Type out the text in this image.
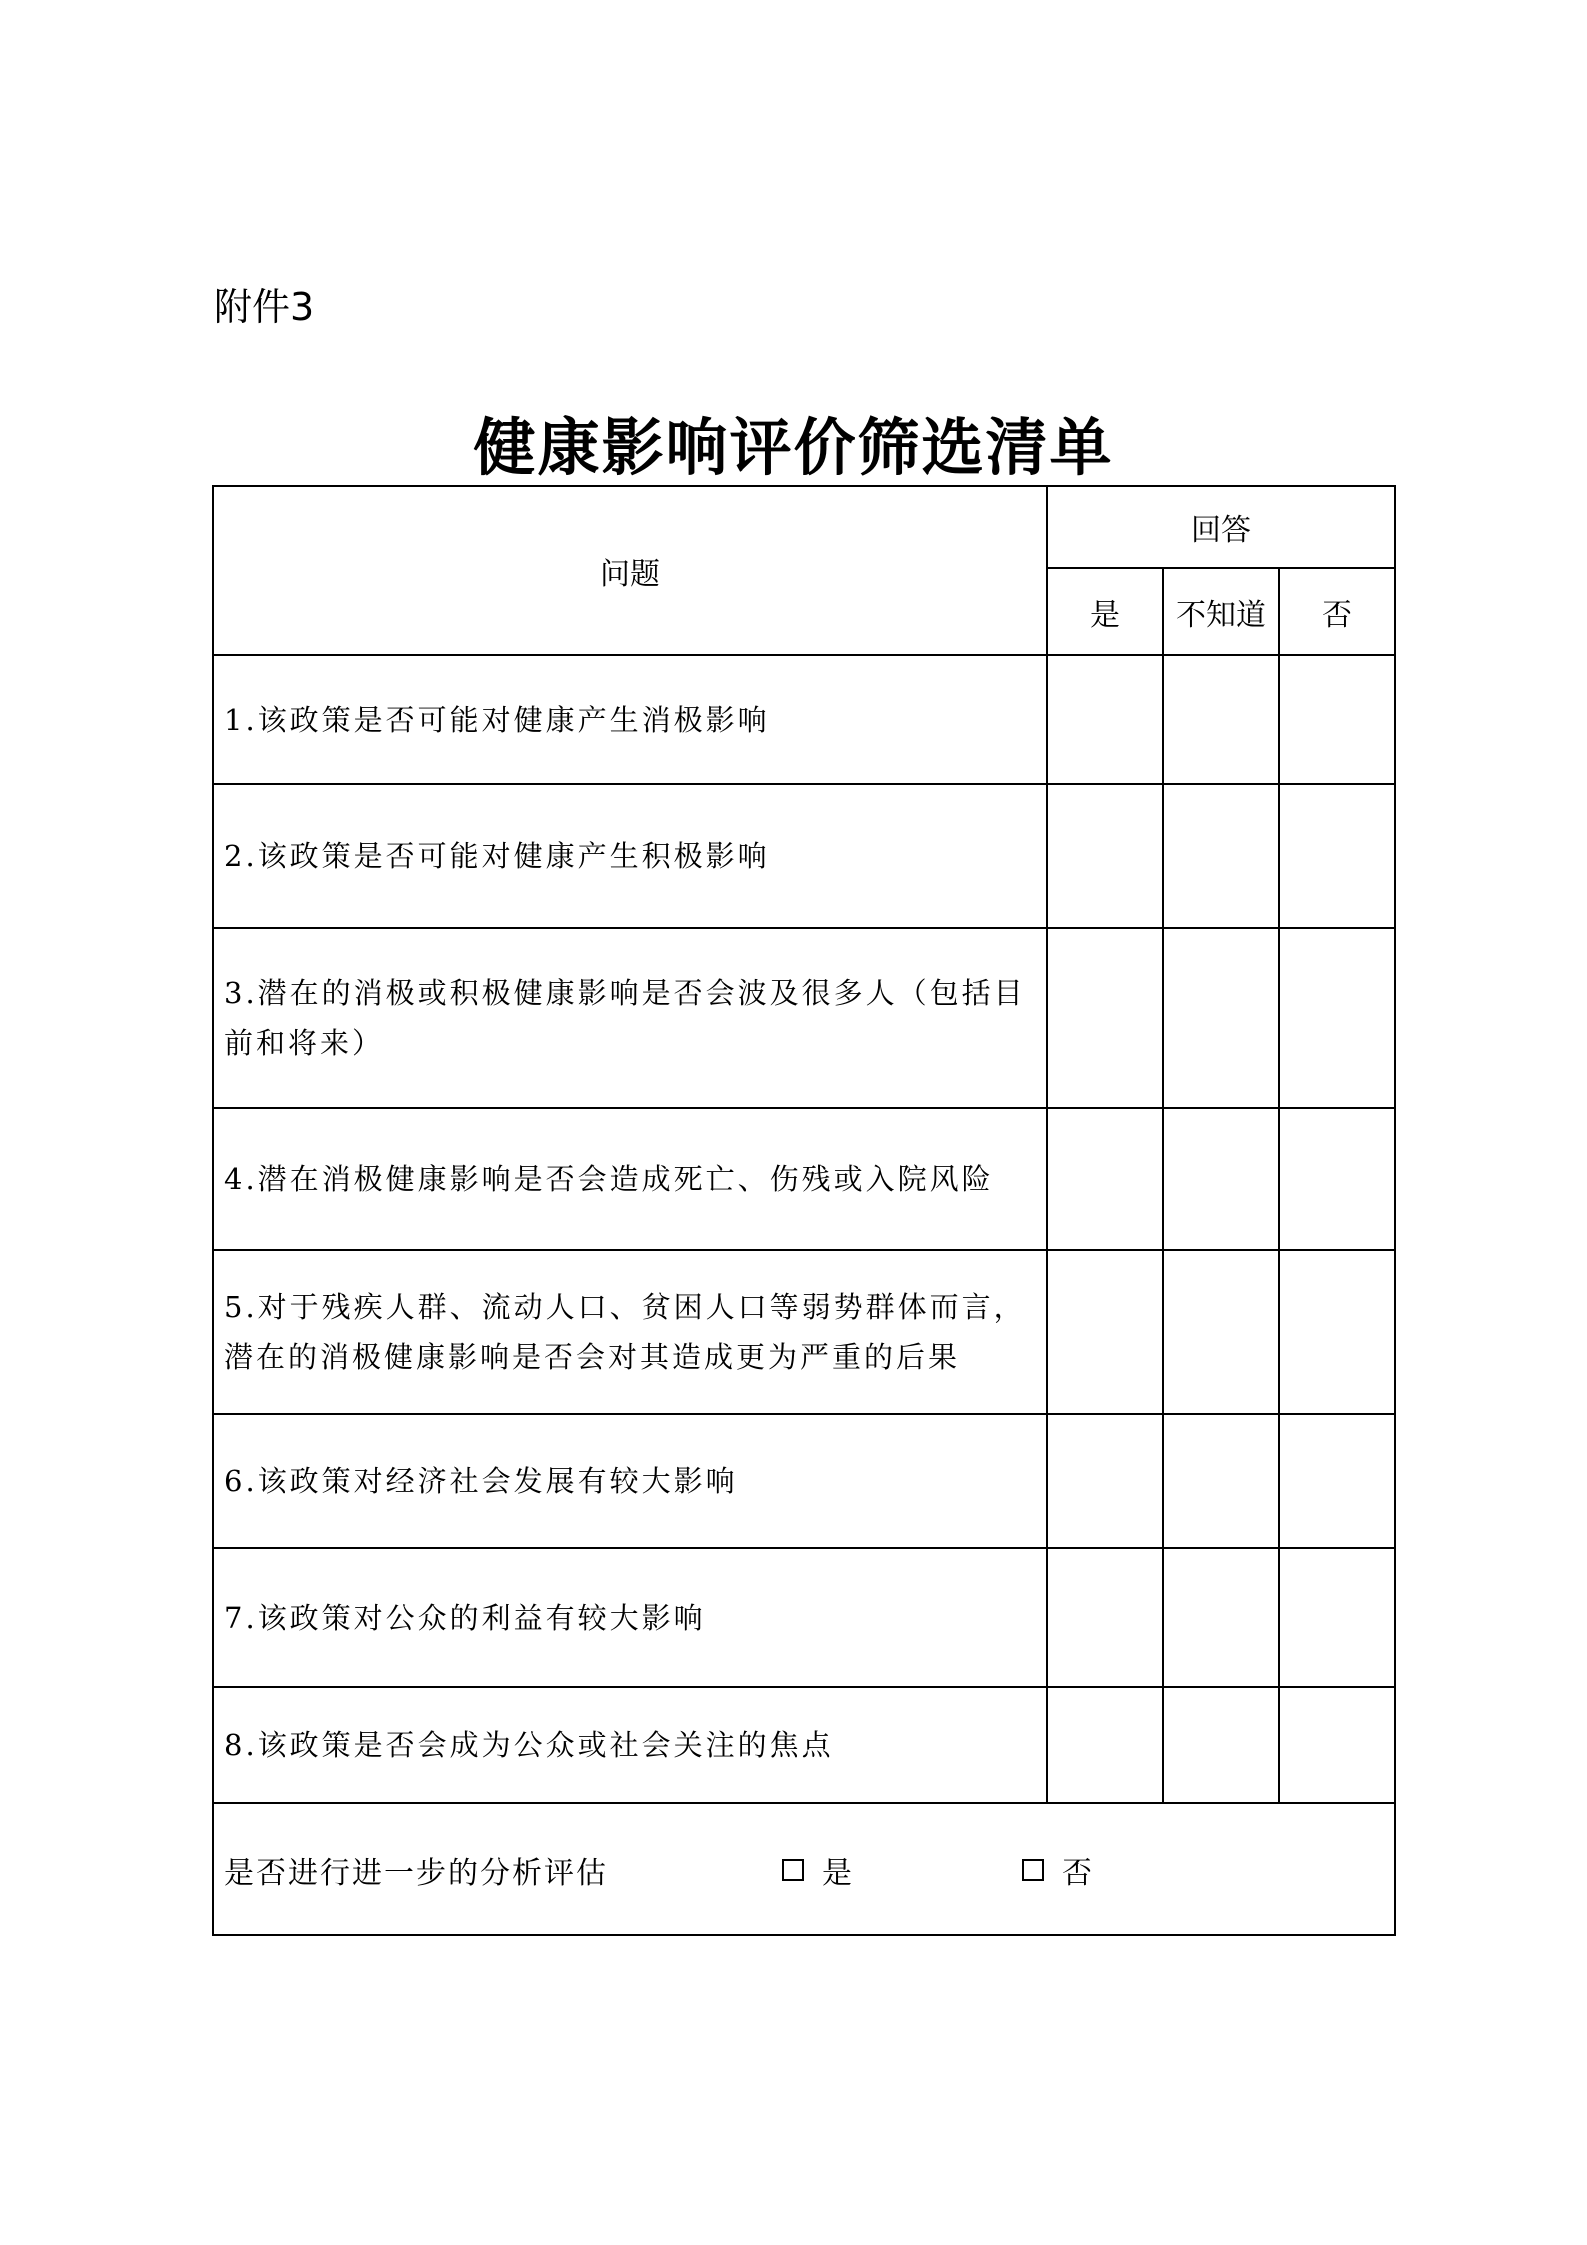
附件3
健康影响评价筛选清单
问题	回答		
	是	不知道	否
1.该政策是否可能对健康产生消极影响			
2.该政策是否可能对健康产生积极影响			
3.潜在的消极或积极健康影响是否会波及很多人（包括目前和将来）			
4.潜在消极健康影响是否会造成死亡、伤残或入院风险			
5.对于残疾人群、流动人口、贫困人口等弱势群体而言，潜在的消极健康影响是否会对其造成更为严重的后果			
6.该政策对经济社会发展有较大影响			
7.该政策对公众的利益有较大影响			
8.该政策是否会成为公众或社会关注的焦点			

是否进行进一步的分析评估 是 否			
